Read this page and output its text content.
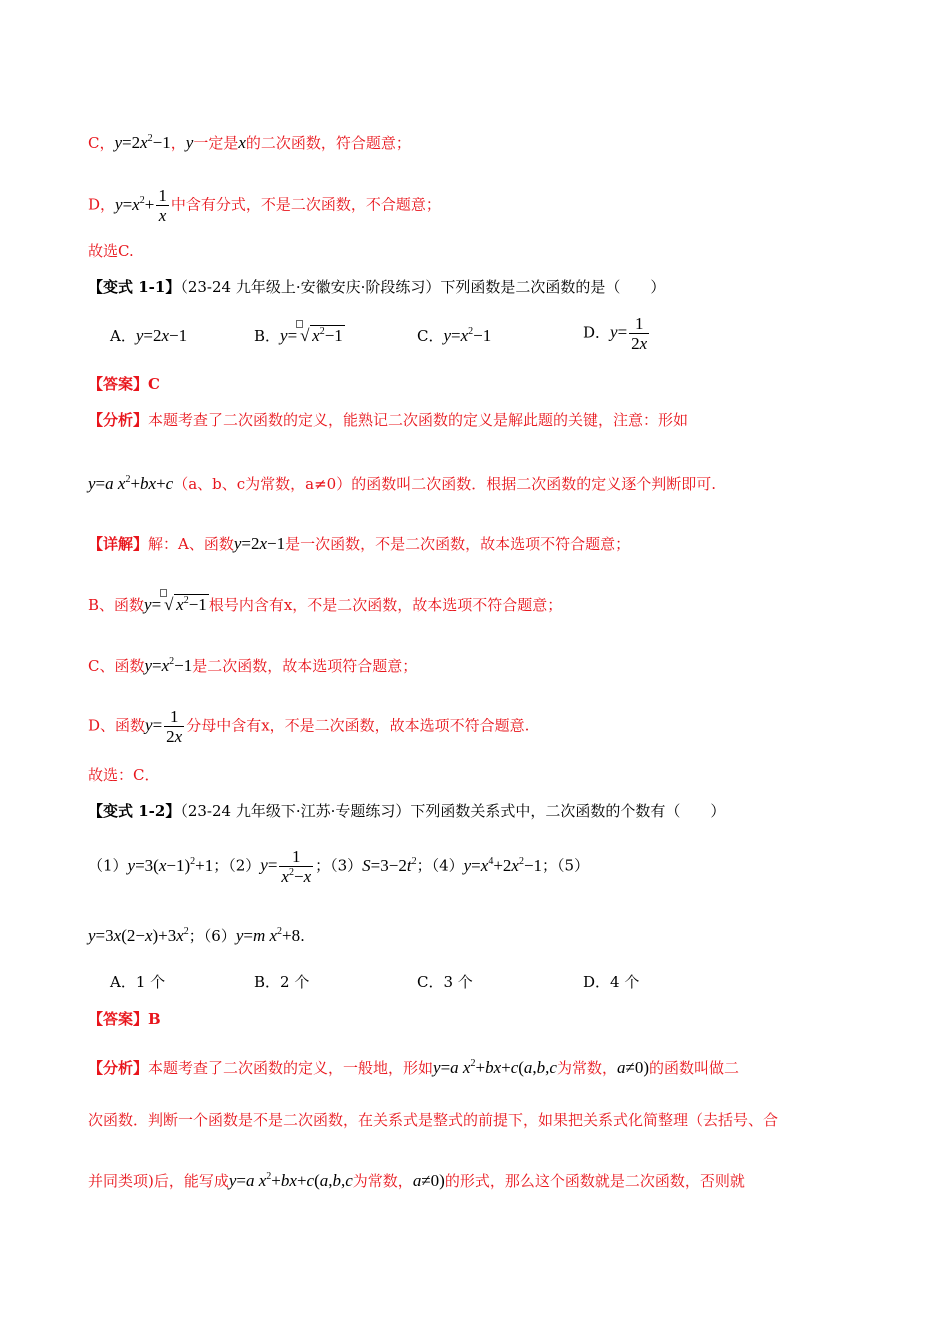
C，$y=2x^2-1$，y一定是x的二次函数，符合题意；
D，$y=x^2+ \frac{1}{x}$ 中含有分式，不是二次函数，不合题意；
故选C.
【变式 1-1】（23-24 九年级上·安徽安庆·阶段练习）下列函数是二次函数的是（　　）
A．y=2x−1	B．y= √ $x^2-1$	C．$y=x^2-1$	D．$y= \frac{1}{2x}$
【答案】C
【分析】本题考查了二次函数的定义，能熟记二次函数的定义是解此题的关键，注意：形如
y=a $x^2+bx+c(a$、b、c为常数，a≠0）的函数叫二次函数．根据二次函数的定义逐个判断即可.
【详解】解：A、函数y=2x−1是一次函数，不是二次函数，故本选项不符合题意；
B、函数y= √ $x^2-1$ 根号内含有x，不是二次函数，故本选项不符合题意；
C、函数$y=x^2-1$是二次函数，故本选项符合题意；
D、函数$y= \frac{1}{2x}$ 分母中含有x，不是二次函数，故本选项不符合题意.
故选：C．
【变式 1-2】（23-24 九年级下·江苏·专题练习）下列函数关系式中，二次函数的个数有（　　）
$(1)y=3(x-1)^2+1$；$(2)y= \frac{1}{x^2-x}$ ；$(3)S=3-2t^2$；$(4)y=x^4+2x^2-1$；（5）
$y=3x(2-x)+3x^2$；（6）y=m $x^2+8$.
A．1 个	B．2 个	C．3 个	D．4 个
【答案】B
【分析】本题考查了二次函数的定义，一般地，形如y=a $x^2+bx+c(a,b,c$为常数，a≠0)的函数叫做二
次函数．判断一个函数是不是二次函数，在关系式是整式的前提下，如果把关系式化简整理（去括号、合
并同类项)后，能写成y=a $x^2+bx+c(a,b,c$为常数，a≠0)的形式，那么这个函数就是二次函数，否则就
